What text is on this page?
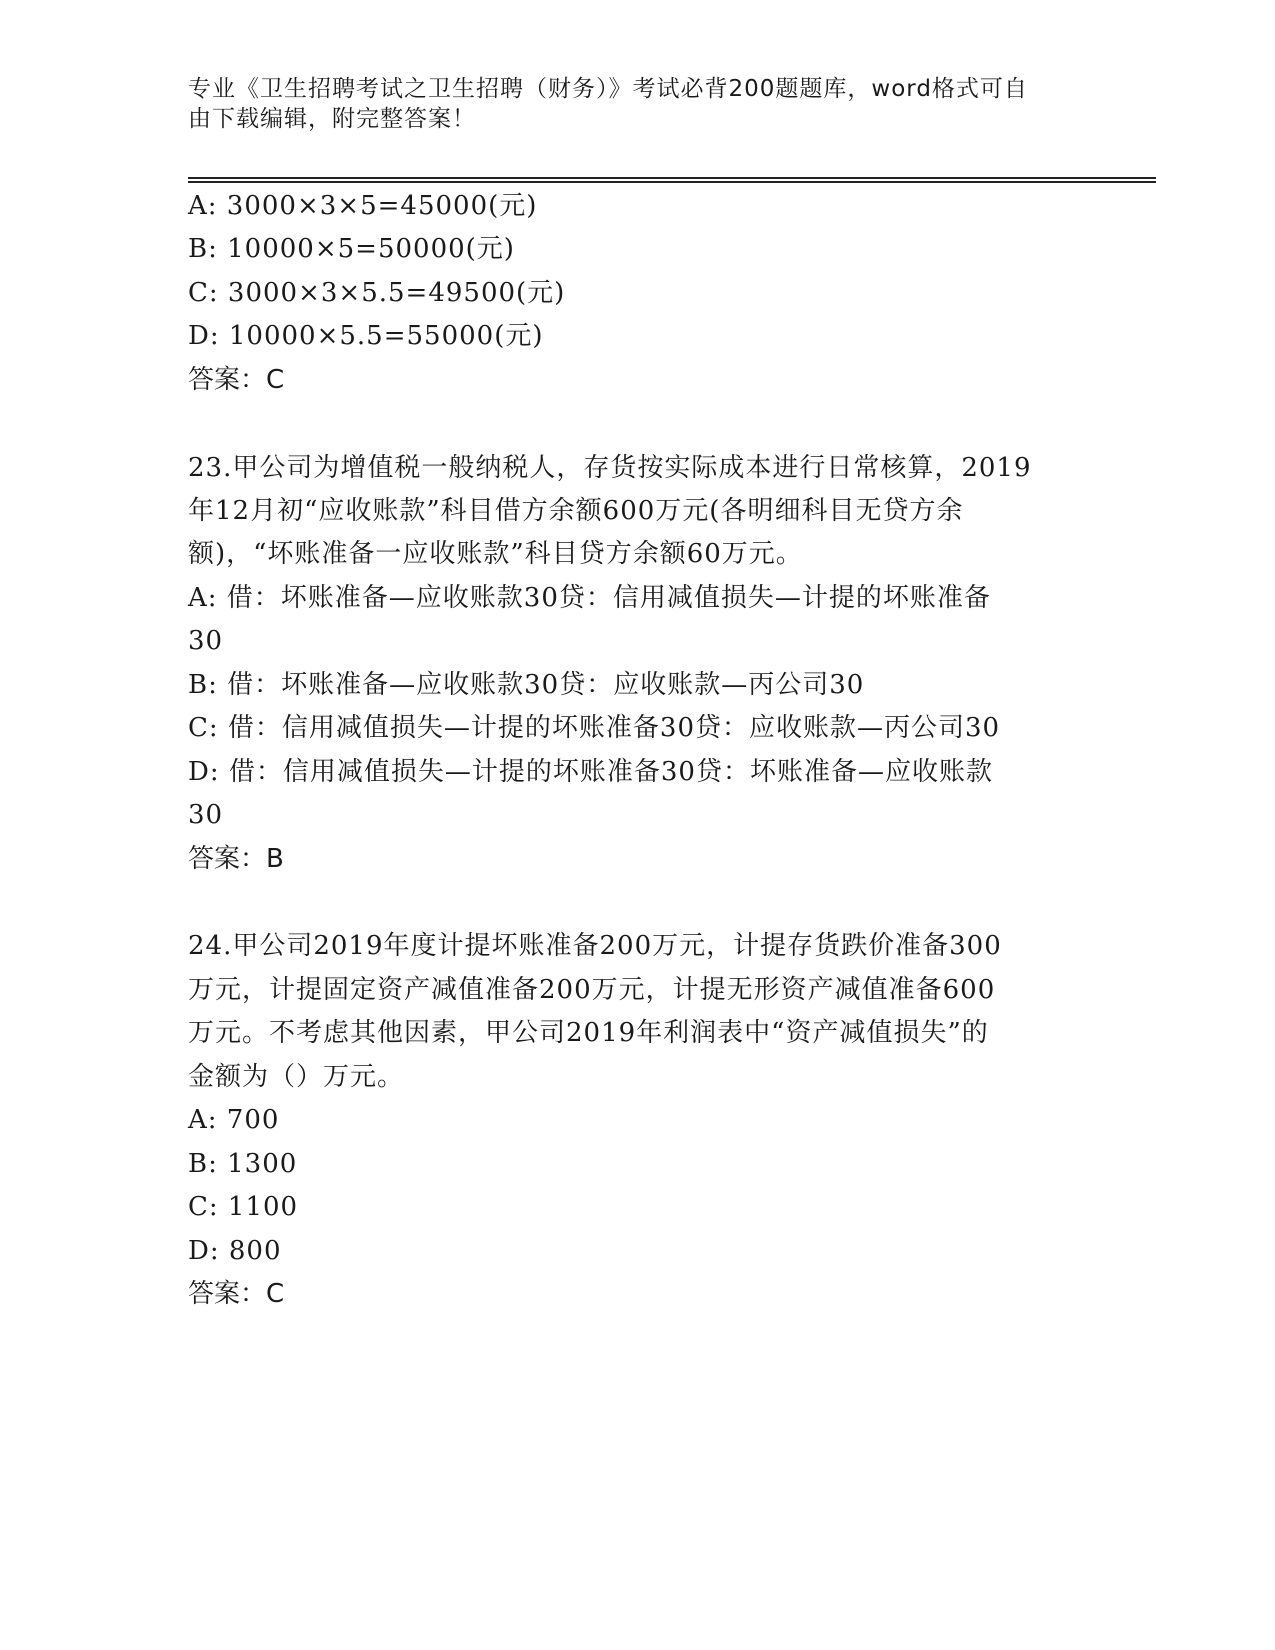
专业《卫生招聘考试之卫生招聘（财务）》考试必背200题题库，word格式可自
由下载编辑，附完整答案！
A: 3000×3×5=45000(元)
B: 10000×5=50000(元)
C: 3000×3×5.5=49500(元)
D: 10000×5.5=55000(元)
答案：C
23.甲公司为增值税一般纳税人，存货按实际成本进行日常核算，2019
年12月初“应收账款”科目借方余额600万元(各明细科目无贷方余
额)，“坏账准备一应收账款”科目贷方余额60万元。
A: 借：坏账准备—应收账款30贷：信用减值损失—计提的坏账准备
30
B: 借：坏账准备—应收账款30贷：应收账款—丙公司30
C: 借：信用减值损失—计提的坏账准备30贷：应收账款—丙公司30
D: 借：信用减值损失—计提的坏账准备30贷：坏账准备—应收账款
30
答案：B
24.甲公司2019年度计提坏账准备200万元，计提存货跌价准备300
万元，计提固定资产减值准备200万元，计提无形资产减值准备600
万元。不考虑其他因素，甲公司2019年利润表中“资产减值损失”的
金额为（）万元。
A: 700
B: 1300
C: 1100
D: 800
答案：C
